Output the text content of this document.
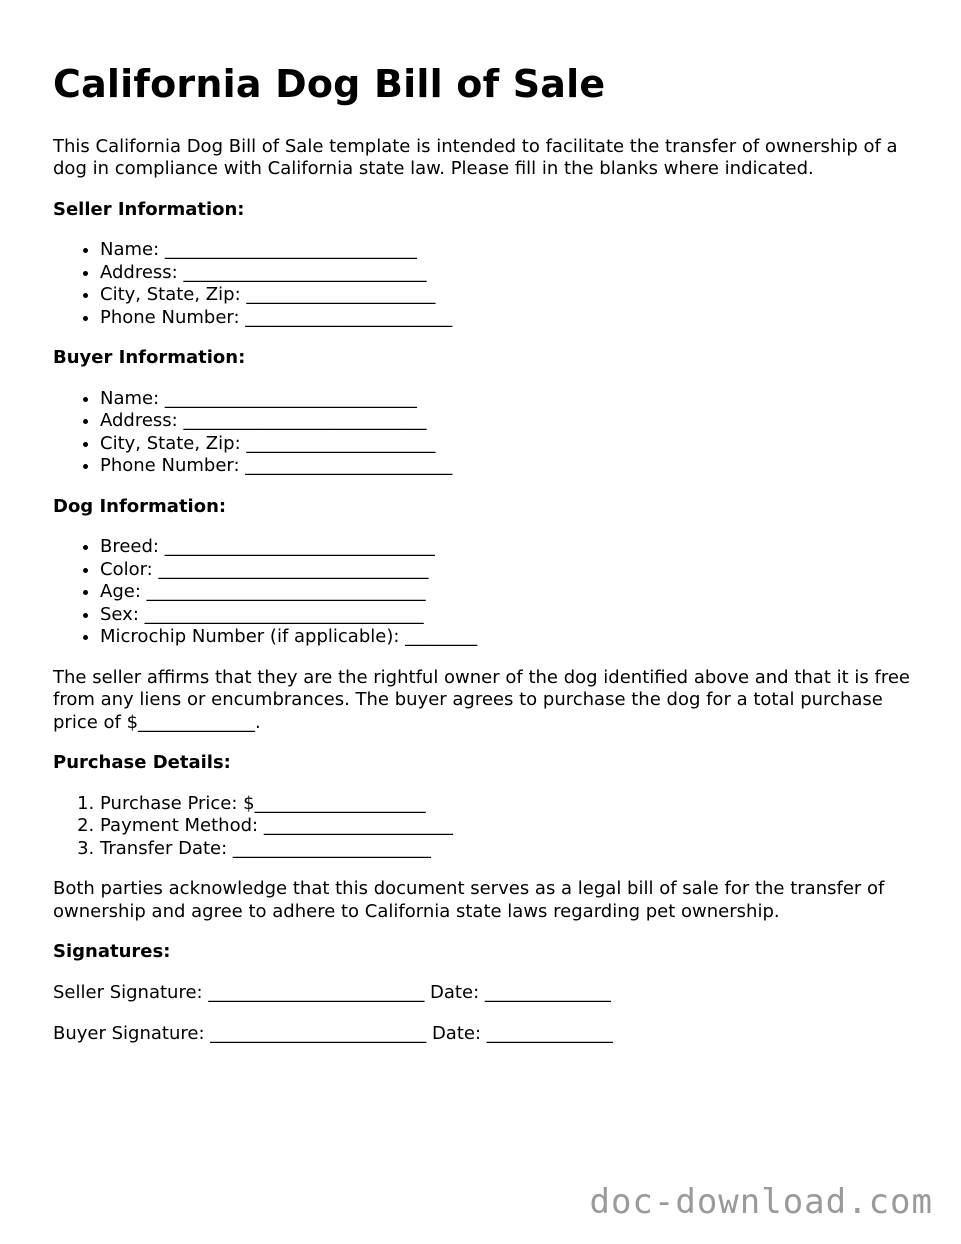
California Dog Bill of Sale

This California Dog Bill of Sale template is intended to facilitate the transfer of ownership of a dog in compliance with California state law. Please fill in the blanks where indicated.

Seller Information:
• Name: ____________________________
• Address: ___________________________
• City, State, Zip: _____________________
• Phone Number: _______________________
Buyer Information:
• Name: ____________________________
• Address: ___________________________
• City, State, Zip: _____________________
• Phone Number: _______________________
Dog Information:
• Breed: ______________________________
• Color: ______________________________
• Age: _______________________________
• Sex: _______________________________
• Microchip Number (if applicable): ________

The seller affirms that they are the rightful owner of the dog identified above and that it is free from any liens or encumbrances. The buyer agrees to purchase the dog for a total purchase price of $_____________.

Purchase Details:
1. Purchase Price: $___________________
2. Payment Method: _____________________
3. Transfer Date: ______________________

Both parties acknowledge that this document serves as a legal bill of sale for the transfer of ownership and agree to adhere to California state laws regarding pet ownership.

Signatures:
Seller Signature: ________________________ Date: ______________
Buyer Signature: ________________________ Date: ______________
doc-download.com
